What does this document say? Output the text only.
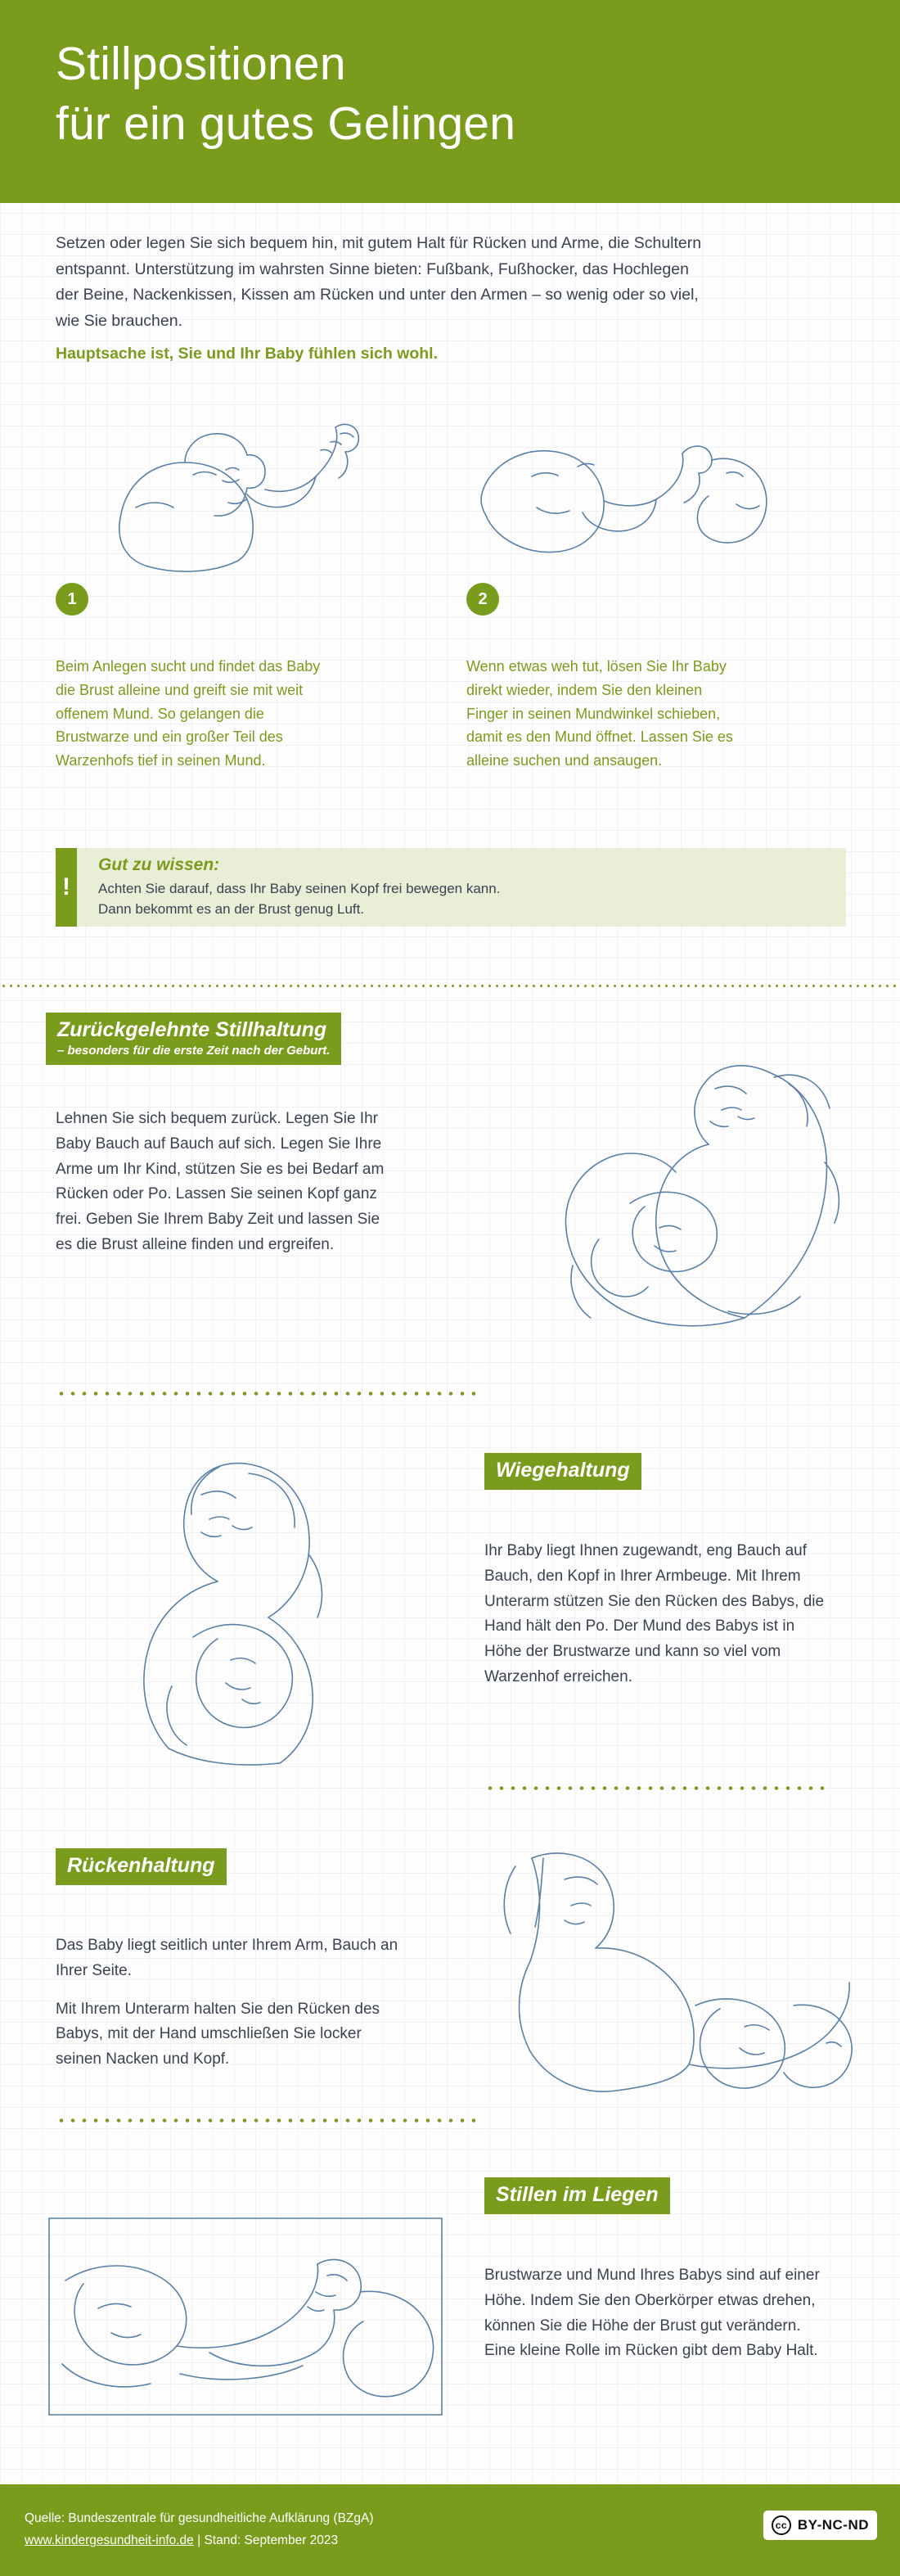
Stillpositionen
für ein gutes Gelingen
Setzen oder legen Sie sich bequem hin, mit gutem Halt für Rücken und Arme, die Schultern entspannt. Unterstützung im wahrsten Sinne bieten: Fußbank, Fußhocker, das Hochlegen der Beine, Nackenkissen, Kissen am Rücken und unter den Armen – so wenig oder so viel, wie Sie brauchen.
Hauptsache ist, Sie und Ihr Baby fühlen sich wohl.
1	2
Beim Anlegen sucht und findet das Baby die Brust alleine und greift sie mit weit offenem Mund. So gelangen die Brustwarze und ein großer Teil des Warzenhofs tief in seinen Mund.
Wenn etwas weh tut, lösen Sie Ihr Baby direkt wieder, indem Sie den kleinen Finger in seinen Mundwinkel schieben, damit es den Mund öffnet. Lassen Sie es alleine suchen und ansaugen.
!
Gut zu wissen:
Achten Sie darauf, dass Ihr Baby seinen Kopf frei bewegen kann.
Dann bekommt es an der Brust genug Luft.
Zurückgelehnte Stillhaltung
– besonders für die erste Zeit nach der Geburt.

Lehnen Sie sich bequem zurück. Legen Sie Ihr Baby Bauch auf Bauch auf sich. Legen Sie Ihre Arme um Ihr Kind, stützen Sie es bei Bedarf am Rücken oder Po. Lassen Sie seinen Kopf ganz frei. Geben Sie Ihrem Baby Zeit und lassen Sie es die Brust alleine finden und ergreifen.

Wiegehaltung

Ihr Baby liegt Ihnen zugewandt, eng Bauch auf Bauch, den Kopf in Ihrer Armbeuge. Mit Ihrem Unterarm stützen Sie den Rücken des Babys, die Hand hält den Po. Der Mund des Babys ist in Höhe der Brustwarze und kann so viel vom Warzenhof erreichen.

Rückenhaltung

Das Baby liegt seitlich unter Ihrem Arm, Bauch an Ihrer Seite.

Mit Ihrem Unterarm halten Sie den Rücken des Babys, mit der Hand umschließen Sie locker seinen Nacken und Kopf.

Stillen im Liegen

Brustwarze und Mund Ihres Babys sind auf einer Höhe. Indem Sie den Oberkörper etwas drehen, können Sie die Höhe der Brust gut verändern. Eine kleine Rolle im Rücken gibt dem Baby Halt.

Quelle: Bundeszentrale für gesundheitliche Aufklärung (BZgA)
www.kindergesundheit-info.de | Stand: September 2023
cc BY-NC-ND
